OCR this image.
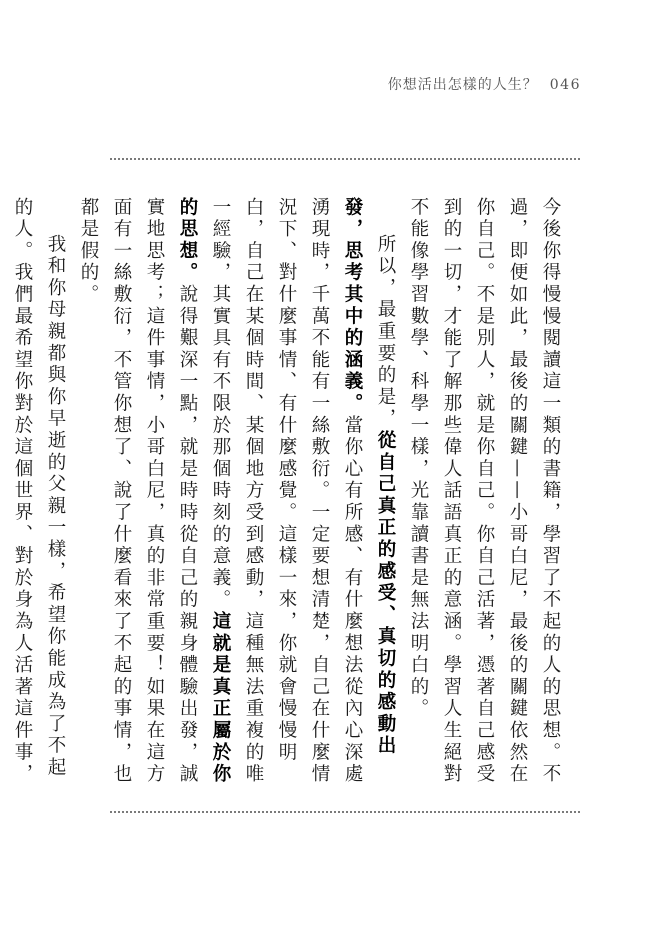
你想活出怎樣的人生？ 046

今後你得慢慢閱讀這一類的書籍，學習了不起的人的思想。不過，即便如此，最後的關鍵——小哥白尼，最後的關鍵依然在你自己。不是別人，就是你自己。你自己活著，憑著自己感受到的一切，才能了解那些偉人話語真正的意涵。學習人生絕對不能像學習數學、科學一樣，光靠讀書是無法明白的。

所以，最重要的是，從自己真正的感受、真切的感動出發，思考其中的涵義。當你心有所感、有什麼想法從內心深處湧現時，千萬不能有一絲敷衍。一定要想清楚，自己在什麼情況下、對什麼事情、有什麼感覺。這樣一來，你就會慢慢明白，自己在某個時間、某個地方受到感動，這種無法重複的唯一經驗，其實具有不限於那個時刻的意義。這就是真正屬於你的思想。說得艱深一點，就是時時從自己的親身體驗出發，誠實地思考；這件事情，小哥白尼，真的非常重要！如果在這方面有一絲敷衍，不管你想了、說了什麼看來了不起的事情，也都是假的。

我和你母親都與你早逝的父親一樣，希望你能成為了不起的人。我們最希望你對於這個世界、對於身為人活著這件事，
